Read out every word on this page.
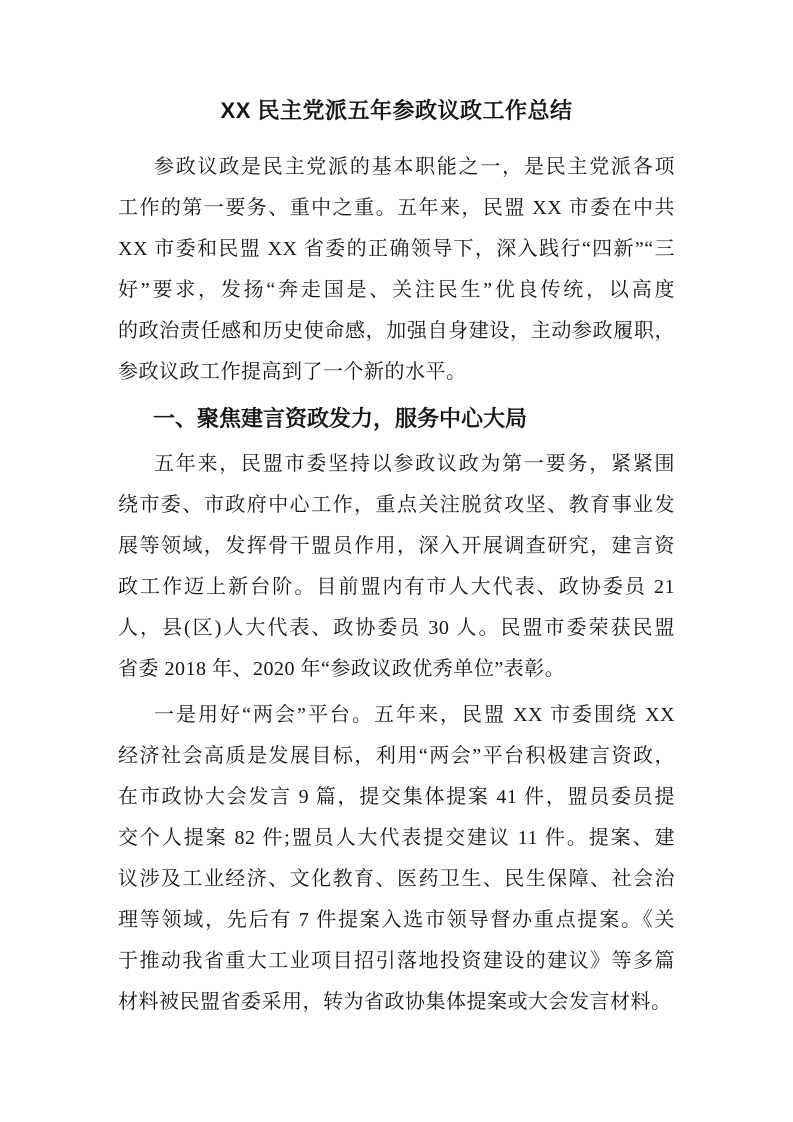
XX 民主党派五年参政议政工作总结
参政议政是民主党派的基本职能之一，是民主党派各项
工作的第一要务、重中之重。五年来，民盟 XX 市委在中共
XX 市委和民盟 XX 省委的正确领导下，深入践行“四新”“三
好”要求，发扬“奔走国是、关注民生”优良传统，以高度
的政治责任感和历史使命感，加强自身建设，主动参政履职，
参政议政工作提高到了一个新的水平。
一、聚焦建言资政发力，服务中心大局
五年来，民盟市委坚持以参政议政为第一要务，紧紧围
绕市委、市政府中心工作，重点关注脱贫攻坚、教育事业发
展等领域，发挥骨干盟员作用，深入开展调查研究，建言资
政工作迈上新台阶。目前盟内有市人大代表、政协委员 21
人，县(区)人大代表、政协委员 30 人。民盟市委荣获民盟
省委 2018 年、2020 年“参政议政优秀单位”表彰。
一是用好“两会”平台。五年来，民盟 XX 市委围绕 XX
经济社会高质是发展目标，利用“两会”平台积极建言资政，
在市政协大会发言 9 篇，提交集体提案 41 件，盟员委员提
交个人提案 82 件;盟员人大代表提交建议 11 件。提案、建
议涉及工业经济、文化教育、医药卫生、民生保障、社会治
理等领域，先后有 7 件提案入选市领导督办重点提案。《关
于推动我省重大工业项目招引落地投资建设的建议》等多篇
材料被民盟省委采用，转为省政协集体提案或大会发言材料。
